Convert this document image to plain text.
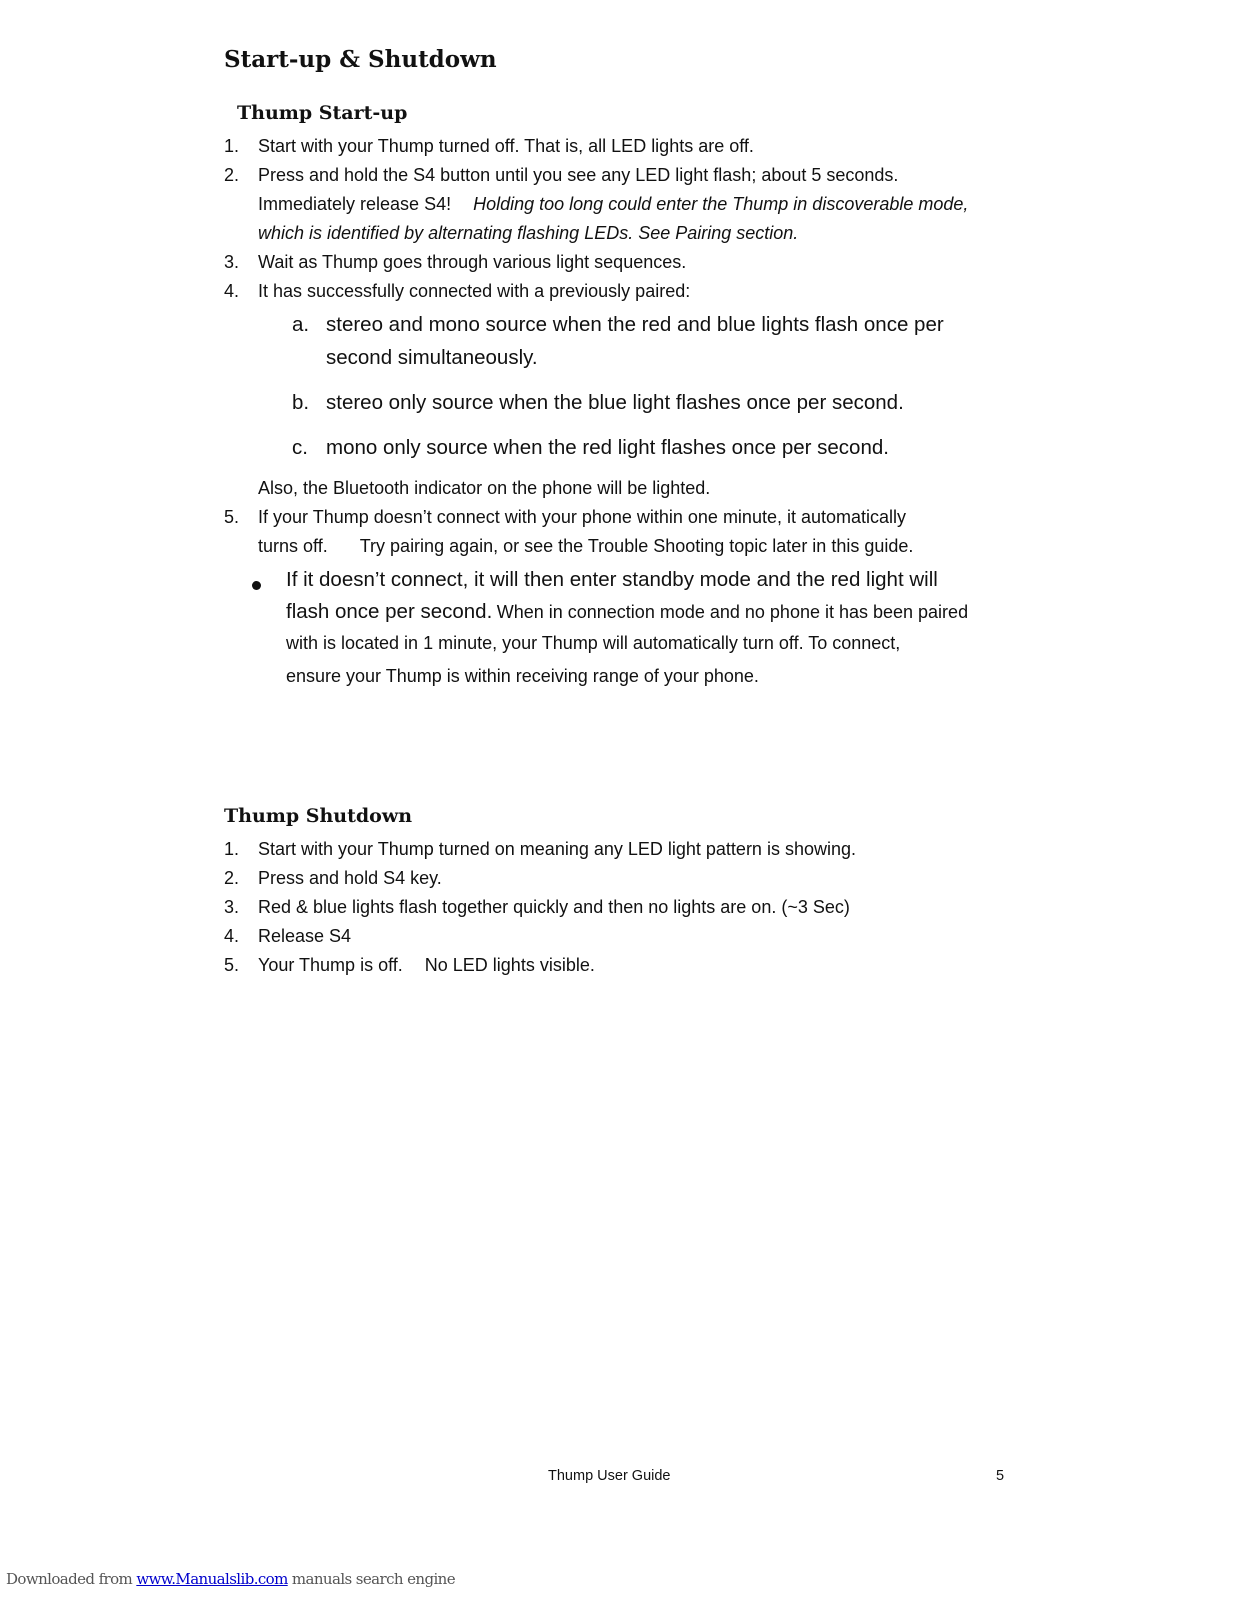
Start-up & Shutdown
Thump Start-up
1.	Start with your Thump turned off. That is, all LED lights are off.
2.	Press and hold the S4 button until you see any LED light flash; about 5 seconds.
Immediately release S4! Holding too long could enter the Thump in discoverable mode,
which is identified by alternating flashing LEDs. See Pairing section.
3.	Wait as Thump goes through various light sequences.
4.	It has successfully connected with a previously paired:
a. stereo and mono source when the red and blue lights flash once per
second simultaneously.
b. stereo only source when the blue light flashes once per second.
c. mono only source when the red light flashes once per second.
Also, the Bluetooth indicator on the phone will be lighted.
5.	If your Thump doesn’t connect with your phone within one minute, it automatically
turns off. Try pairing again, or see the Trouble Shooting topic later in this guide.
If it doesn’t connect, it will then enter standby mode and the red light will
flash once per second. When in connection mode and no phone it has been paired
with is located in 1 minute, your Thump will automatically turn off. To connect,
ensure your Thump is within receiving range of your phone.
Thump Shutdown
1.	Start with your Thump turned on meaning any LED light pattern is showing.
2.	Press and hold S4 key.
3.	Red & blue lights flash together quickly and then no lights are on. (~3 Sec)
4.	Release S4
5.	Your Thump is off. No LED lights visible.
Thump User Guide	5
Downloaded from www.Manualslib.com manuals search engine
